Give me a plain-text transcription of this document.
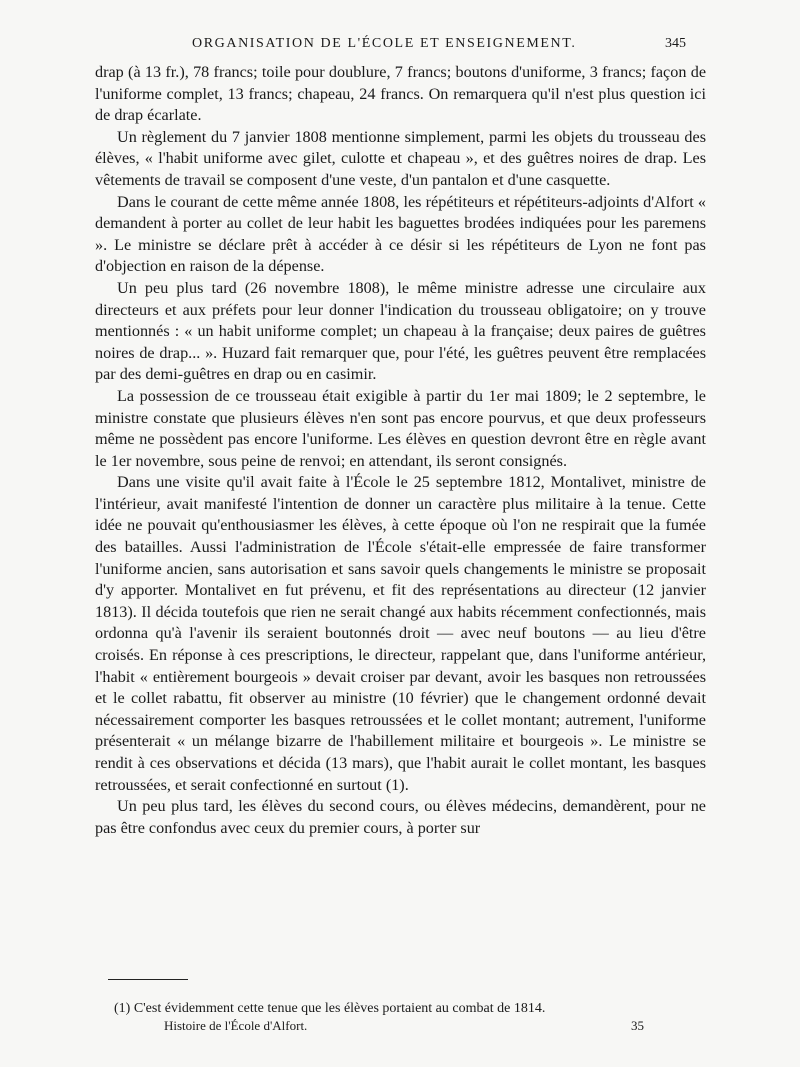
ORGANISATION DE L'ÉCOLE ET ENSEIGNEMENT.	345

drap (à 13 fr.), 78 francs; toile pour doublure, 7 francs; boutons d'uniforme, 3 francs; façon de l'uniforme complet, 13 francs; chapeau, 24 francs. On remarquera qu'il n'est plus question ici de drap écarlate.

Un règlement du 7 janvier 1808 mentionne simplement, parmi les objets du trousseau des élèves, « l'habit uniforme avec gilet, culotte et chapeau », et des guêtres noires de drap. Les vêtements de travail se composent d'une veste, d'un pantalon et d'une casquette.

Dans le courant de cette même année 1808, les répétiteurs et répétiteurs-adjoints d'Alfort « demandent à porter au collet de leur habit les baguettes brodées indiquées pour les paremens ». Le ministre se déclare prêt à accéder à ce désir si les répétiteurs de Lyon ne font pas d'objection en raison de la dépense.

Un peu plus tard (26 novembre 1808), le même ministre adresse une circulaire aux directeurs et aux préfets pour leur donner l'indication du trousseau obligatoire; on y trouve mentionnés : « un habit uniforme complet; un chapeau à la française; deux paires de guêtres noires de drap... ». Huzard fait remarquer que, pour l'été, les guêtres peuvent être remplacées par des demi-guêtres en drap ou en casimir.

La possession de ce trousseau était exigible à partir du 1er mai 1809; le 2 septembre, le ministre constate que plusieurs élèves n'en sont pas encore pourvus, et que deux professeurs même ne possèdent pas encore l'uniforme. Les élèves en question devront être en règle avant le 1er novembre, sous peine de renvoi; en attendant, ils seront consignés.

Dans une visite qu'il avait faite à l'École le 25 septembre 1812, Montalivet, ministre de l'intérieur, avait manifesté l'intention de donner un caractère plus militaire à la tenue. Cette idée ne pouvait qu'enthousiasmer les élèves, à cette époque où l'on ne respirait que la fumée des batailles. Aussi l'administration de l'École s'était-elle empressée de faire transformer l'uniforme ancien, sans autorisation et sans savoir quels changements le ministre se proposait d'y apporter. Montalivet en fut prévenu, et fit des représentations au directeur (12 janvier 1813). Il décida toutefois que rien ne serait changé aux habits récemment confectionnés, mais ordonna qu'à l'avenir ils seraient boutonnés droit — avec neuf boutons — au lieu d'être croisés. En réponse à ces prescriptions, le directeur, rappelant que, dans l'uniforme antérieur, l'habit « entièrement bourgeois » devait croiser par devant, avoir les basques non retroussées et le collet rabattu, fit observer au ministre (10 février) que le changement ordonné devait nécessairement comporter les basques retroussées et le collet montant; autrement, l'uniforme présenterait « un mélange bizarre de l'habillement militaire et bourgeois ». Le ministre se rendit à ces observations et décida (13 mars), que l'habit aurait le collet montant, les basques retroussées, et serait confectionné en surtout (1).

Un peu plus tard, les élèves du second cours, ou élèves médecins, demandèrent, pour ne pas être confondus avec ceux du premier cours, à porter sur

(1) C'est évidemment cette tenue que les élèves portaient au combat de 1814.
Histoire de l'École d'Alfort.	35
